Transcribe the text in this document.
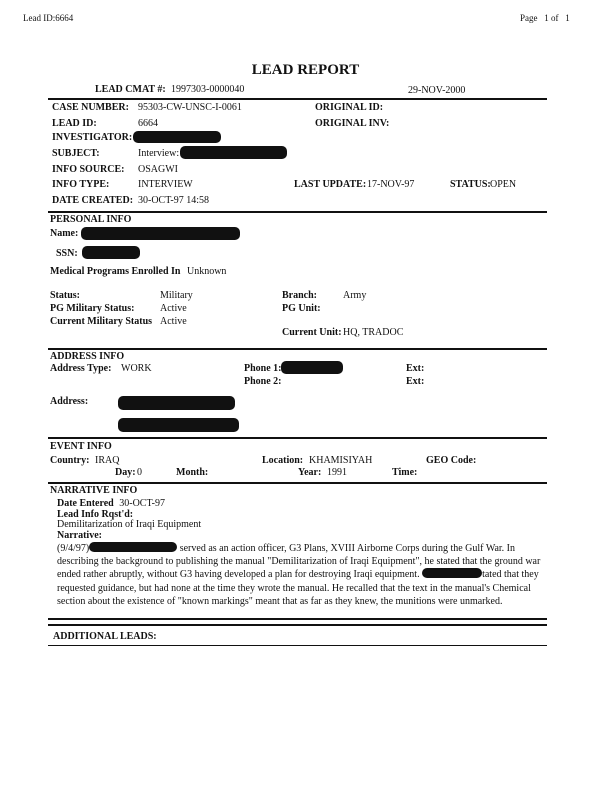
Lead ID:6664	Page   1 of   1
LEAD REPORT
LEAD CMAT #: 1997303-0000040	29-NOV-2000
CASE NUMBER: 95303-CW-UNSC-I-0061	ORIGINAL ID:
LEAD ID:	6664	ORIGINAL INV:
INVESTIGATOR:
SUBJECT:	Interview:
INFO SOURCE: OSAGWI
INFO TYPE:	INTERVIEW	LAST UPDATE: 17-NOV-97	STATUS: OPEN
DATE CREATED: 30-OCT-97 14:58
PERSONAL INFO
Name:
SSN:
Medical Programs Enrolled In Unknown
Status:	Military
PG Military Status:	Active
Current Military Status Active
Branch:	Army
PG Unit:
Current Unit: HQ, TRADOC
ADDRESS INFO
Address Type: WORK	Phone 1:
Phone 2:
Ext:
Ext:
Address:
EVENT INFO
Country: IRAQ	Location: KHAMISIYAH	GEO Code:
Day: 0	Month:	Year: 1991	Time:
NARRATIVE INFO
Date Entered 30-OCT-97
Lead Info Rqst'd:
Demilitarization of Iraqi Equipment
Narrative:
(9/4/97)	served as an action officer, G3 Plans, XVIII Airborne Corps during the Gulf War. In describing the background to publishing the manual "Demilitarization of Iraqi Equipment", he stated that the ground war ended rather abruptly, without G3 having developed a plan for destroying Iraqi equipment.	tated that they requested guidance, but had none at the time they wrote the manual. He recalled that the text in the manual's Chemical section about the existence of "known markings" meant that as far as they knew, the munitions were unmarked.
ADDITIONAL LEADS:
